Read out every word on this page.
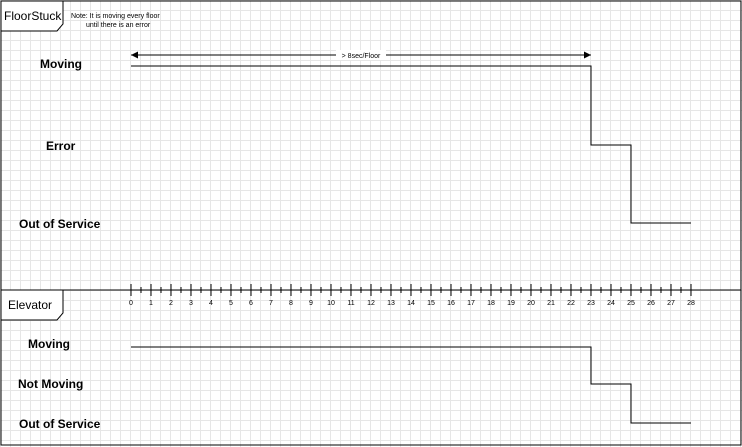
FloorStuck Note: It is moving every floor
until there is an error
Moving
Error
Out of Service
> 8sec/Floor
Elevator
Moving
Not Moving
Out of Service
0 1 2 3 4 5 6 7 8 9 10 11 12 13 14 15 16 17 18 19 20 21 22 23 24 25 26 27 28
